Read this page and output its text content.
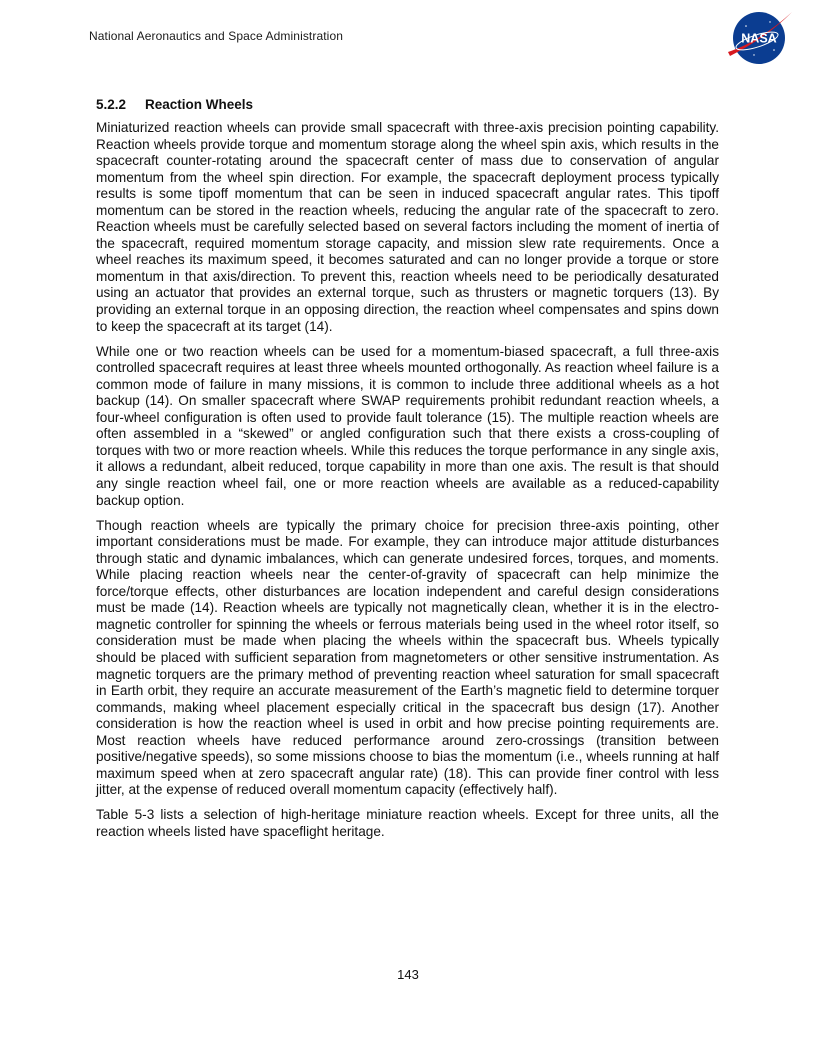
National Aeronautics and Space Administration	NASA
5.2.2 Reaction Wheels

Miniaturized reaction wheels can provide small spacecraft with three-axis precision pointing capability. Reaction wheels provide torque and momentum storage along the wheel spin axis, which results in the spacecraft counter-rotating around the spacecraft center of mass due to conservation of angular momentum from the wheel spin direction. For example, the spacecraft deployment process typically results is some tipoff momentum that can be seen in induced spacecraft angular rates. This tipoff momentum can be stored in the reaction wheels, reducing the angular rate of the spacecraft to zero. Reaction wheels must be carefully selected based on several factors including the moment of inertia of the spacecraft, required momentum storage capacity, and mission slew rate requirements. Once a wheel reaches its maximum speed, it becomes saturated and can no longer provide a torque or store momentum in that axis/direction. To prevent this, reaction wheels need to be periodically desaturated using an actuator that provides an external torque, such as thrusters or magnetic torquers (13). By providing an external torque in an opposing direction, the reaction wheel compensates and spins down to keep the spacecraft at its target (14).

While one or two reaction wheels can be used for a momentum-biased spacecraft, a full three-axis controlled spacecraft requires at least three wheels mounted orthogonally. As reaction wheel failure is a common mode of failure in many missions, it is common to include three additional wheels as a hot backup (14). On smaller spacecraft where SWAP requirements prohibit redundant reaction wheels, a four-wheel configuration is often used to provide fault tolerance (15). The multiple reaction wheels are often assembled in a “skewed” or angled configuration such that there exists a cross-coupling of torques with two or more reaction wheels. While this reduces the torque performance in any single axis, it allows a redundant, albeit reduced, torque capability in more than one axis. The result is that should any single reaction wheel fail, one or more reaction wheels are available as a reduced-capability backup option.

Though reaction wheels are typically the primary choice for precision three-axis pointing, other important considerations must be made. For example, they can introduce major attitude disturbances through static and dynamic imbalances, which can generate undesired forces, torques, and moments. While placing reaction wheels near the center-of-gravity of spacecraft can help minimize the force/torque effects, other disturbances are location independent and careful design considerations must be made (14). Reaction wheels are typically not magnetically clean, whether it is in the electro-magnetic controller for spinning the wheels or ferrous materials being used in the wheel rotor itself, so consideration must be made when placing the wheels within the spacecraft bus. Wheels typically should be placed with sufficient separation from magnetometers or other sensitive instrumentation. As magnetic torquers are the primary method of preventing reaction wheel saturation for small spacecraft in Earth orbit, they require an accurate measurement of the Earth’s magnetic field to determine torquer commands, making wheel placement especially critical in the spacecraft bus design (17). Another consideration is how the reaction wheel is used in orbit and how precise pointing requirements are. Most reaction wheels have reduced performance around zero-crossings (transition between positive/negative speeds), so some missions choose to bias the momentum (i.e., wheels running at half maximum speed when at zero spacecraft angular rate) (18). This can provide finer control with less jitter, at the expense of reduced overall momentum capacity (effectively half).

Table 5-3 lists a selection of high-heritage miniature reaction wheels. Except for three units, all the reaction wheels listed have spaceflight heritage.

143
